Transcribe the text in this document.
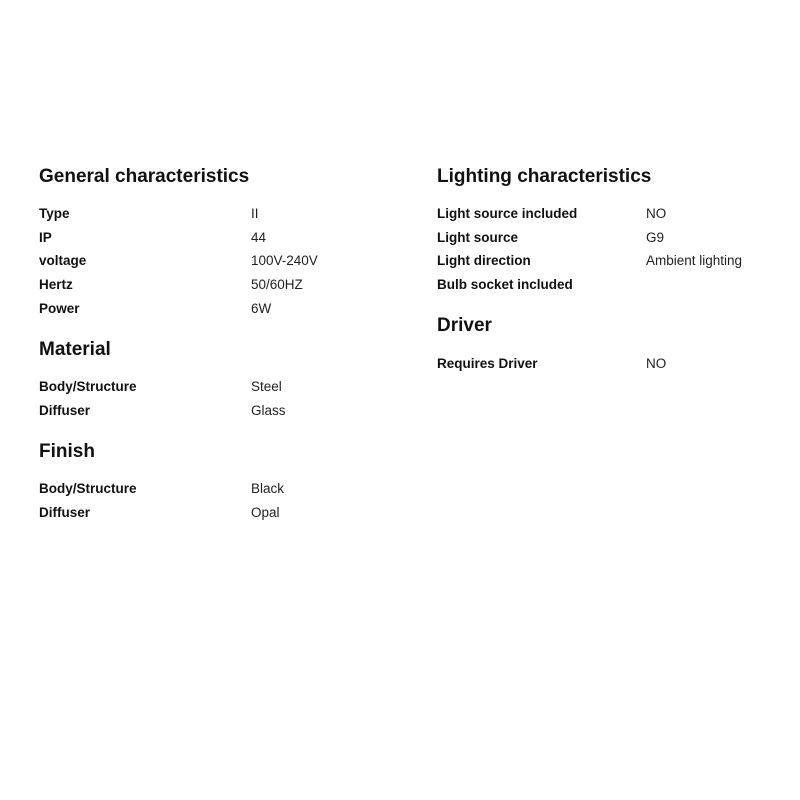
General characteristics
Type	II
IP	44
voltage	100V-240V
Hertz	50/60HZ
Power	6W
Material
Body/Structure	Steel
Diffuser	Glass
Finish
Body/Structure	Black
Diffuser	Opal
Lighting characteristics
Light source included	NO
Light source	G9
Light direction	Ambient lighting
Bulb socket included
Driver
Requires Driver	NO
